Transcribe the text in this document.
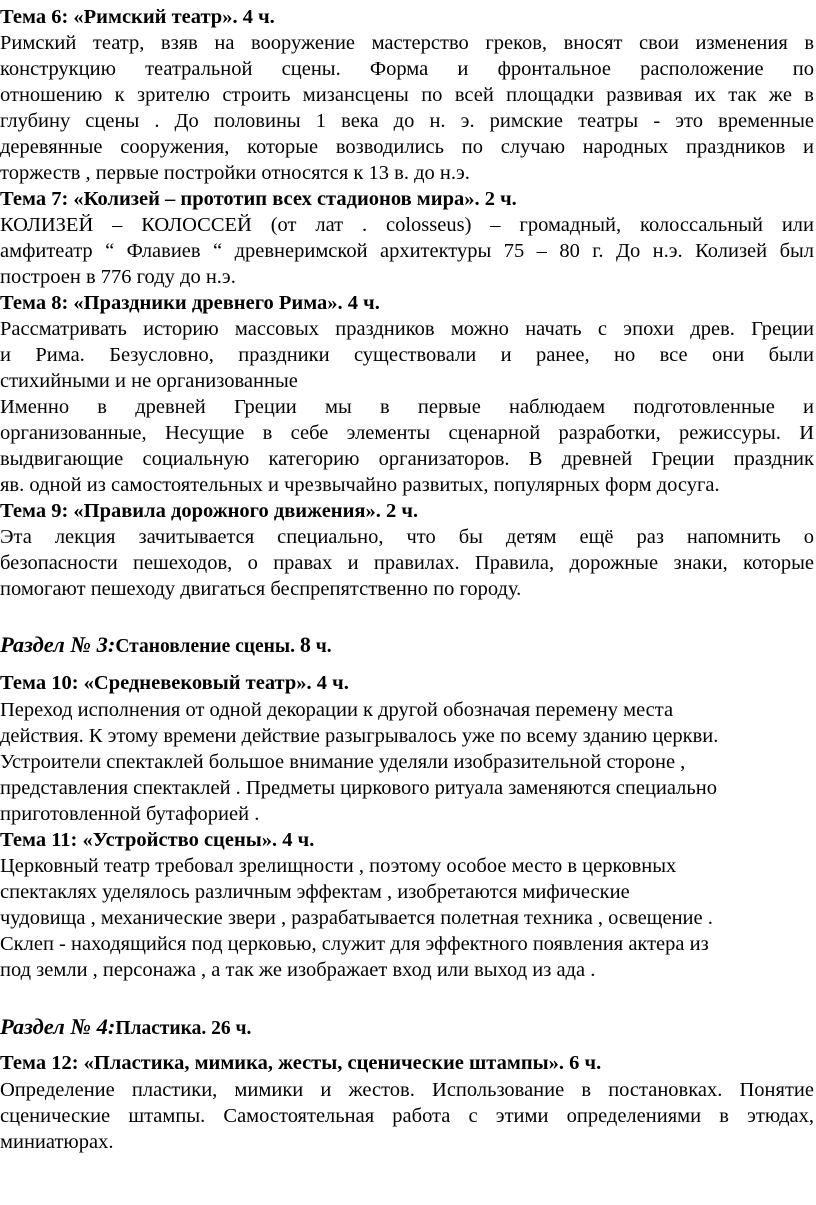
Тема 6: «Римский театр». 4 ч.
Римский театр, взяв на вооружение мастерство греков, вносят свои изменения в
конструкцию театральной сцены. Форма и фронтальное расположение по
отношению к зрителю строить мизансцены по всей площадки развивая их так же в
глубину сцены . До половины 1 века до н. э. римские театры - это временные
деревянные сооружения, которые возводились по случаю народных праздников и
торжеств , первые постройки относятся к 13 в. до н.э.
Тема 7: «Колизей – прототип всех стадионов мира». 2 ч.
КОЛИЗЕЙ – КОЛОССЕЙ (от лат . colosseus) – громадный, колоссальный или
амфитеатр “ Флавиев “ древнеримской архитектуры 75 – 80 г. До н.э. Колизей был
построен в 776 году до н.э.
Тема 8: «Праздники древнего Рима». 4 ч.
Рассматривать историю массовых праздников можно начать с эпохи древ. Греции
и Рима. Безусловно, праздники существовали и ранее, но все они были
стихийными и не организованные
Именно в древней Греции мы в первые наблюдаем подготовленные и
организованные, Несущие в себе элементы сценарной разработки, режиссуры. И
выдвигающие социальную категорию организаторов. В древней Греции праздник
яв. одной из самостоятельных и чрезвычайно развитых, популярных форм досуга.
Тема 9: «Правила дорожного движения». 2 ч.
Эта лекция зачитывается специально, что бы детям ещё раз напомнить о
безопасности пешеходов, о правах и правилах. Правила, дорожные знаки, которые
помогают пешеходу двигаться беспрепятственно по городу.
Раздел № 3:Становление сцены. 8 ч.
Тема 10: «Средневековый театр». 4 ч.
Переход исполнения от одной декорации к другой обозначая перемену места
действия. К этому времени действие разыгрывалось уже по всему зданию церкви.
Устроители спектаклей большое внимание уделяли изобразительной стороне ,
представления спектаклей . Предметы циркового ритуала заменяются специально
приготовленной бутафорией .
Тема 11: «Устройство сцены». 4 ч.
Церковный театр требовал зрелищности , поэтому особое место в церковных
спектаклях уделялось различным эффектам , изобретаются мифические
чудовища , механические звери , разрабатывается полетная техника , освещение .
Склеп - находящийся под церковью, служит для эффектного появления актера из
под земли , персонажа , а так же изображает вход или выход из ада .
Раздел № 4:Пластика. 26 ч.
Тема 12: «Пластика, мимика, жесты, сценические штампы». 6 ч.
Определение пластики, мимики и жестов. Использование в постановках. Понятие
сценические штампы. Самостоятельная работа с этими определениями в этюдах,
миниатюрах.
